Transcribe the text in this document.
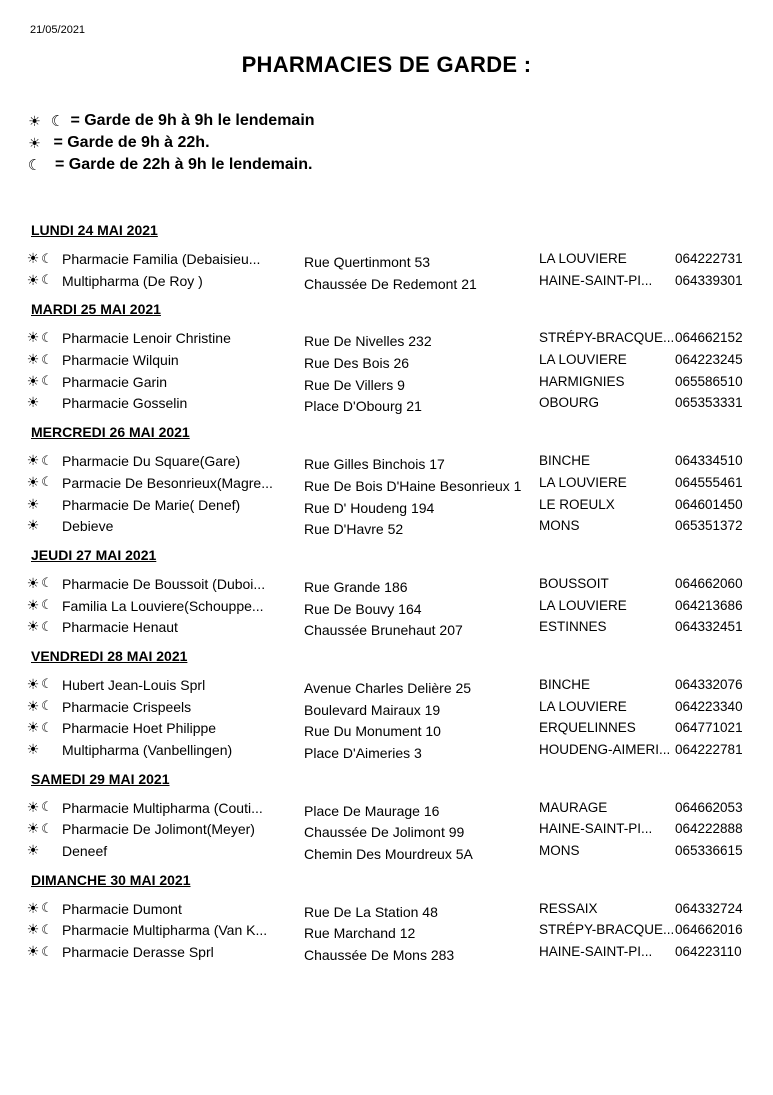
21/05/2021
PHARMACIES DE GARDE :
☀ ☾ = Garde de 9h à 9h le lendemain
☀ = Garde de 9h à 22h.
☾ = Garde de 22h à 9h le lendemain.
LUNDI 24 MAI 2021
☀ ☾ Pharmacie Familia (Debaisieu...	Rue Quertinmont 53	LA LOUVIERE	064222731
☀ ☾ Multipharma (De Roy )	Chaussée De Redemont 21	HAINE-SAINT-PI...	064339301
MARDI 25 MAI 2021
☀ ☾ Pharmacie Lenoir Christine	Rue De Nivelles 232	STRÉPY-BRACQUE... 064662152
☀ ☾ Pharmacie Wilquin	Rue Des Bois 26	LA LOUVIERE	064223245
☀ ☾ Pharmacie Garin	Rue De Villers 9	HARMIGNIES	065586510
☀ Pharmacie Gosselin	Place D'Obourg 21	OBOURG	065353331
MERCREDI 26 MAI 2021
☀ ☾ Pharmacie Du Square(Gare)	Rue Gilles Binchois 17	BINCHE	064334510
☀ ☾ Parmacie De Besonrieux(Magre...	Rue De Bois D'Haine Besonrieux 1	LA LOUVIERE	064555461
☀ Pharmacie De Marie( Denef)	Rue D' Houdeng 194	LE ROEULX	064601450
☀ Debieve	Rue D'Havre 52	MONS	065351372
JEUDI 27 MAI 2021
☀ ☾ Pharmacie De Boussoit (Duboi...	Rue Grande 186	BOUSSOIT	064662060
☀ ☾ Familia La Louviere(Schouppe...	Rue De Bouvy 164	LA LOUVIERE	064213686
☀ ☾ Pharmacie Henaut	Chaussée Brunehaut 207	ESTINNES	064332451
VENDREDI 28 MAI 2021
☀ ☾ Hubert Jean-Louis Sprl	Avenue Charles Delière 25	BINCHE	064332076
☀ ☾ Pharmacie Crispeels	Boulevard Mairaux 19	LA LOUVIERE	064223340
☀ ☾ Pharmacie Hoet Philippe	Rue Du Monument 10	ERQUELINNES	064771021
☀ Multipharma (Vanbellingen)	Place D'Aimeries 3	HOUDENG-AIMERI... 064222781
SAMEDI 29 MAI 2021
☀ ☾ Pharmacie Multipharma (Couti...	Place De Maurage 16	MAURAGE	064662053
☀ ☾ Pharmacie De Jolimont(Meyer)	Chaussée De Jolimont 99	HAINE-SAINT-PI...	064222888
☀ Deneef	Chemin Des Mourdreux 5A	MONS	065336615
DIMANCHE 30 MAI 2021
☀ ☾ Pharmacie Dumont	Rue De La Station 48	RESSAIX	064332724
☀ ☾ Pharmacie Multipharma (Van K...	Rue Marchand 12	STRÉPY-BRACQUE... 064662016
☀ ☾ Pharmacie Derasse Sprl	Chaussée De Mons 283	HAINE-SAINT-PI...	064223110
